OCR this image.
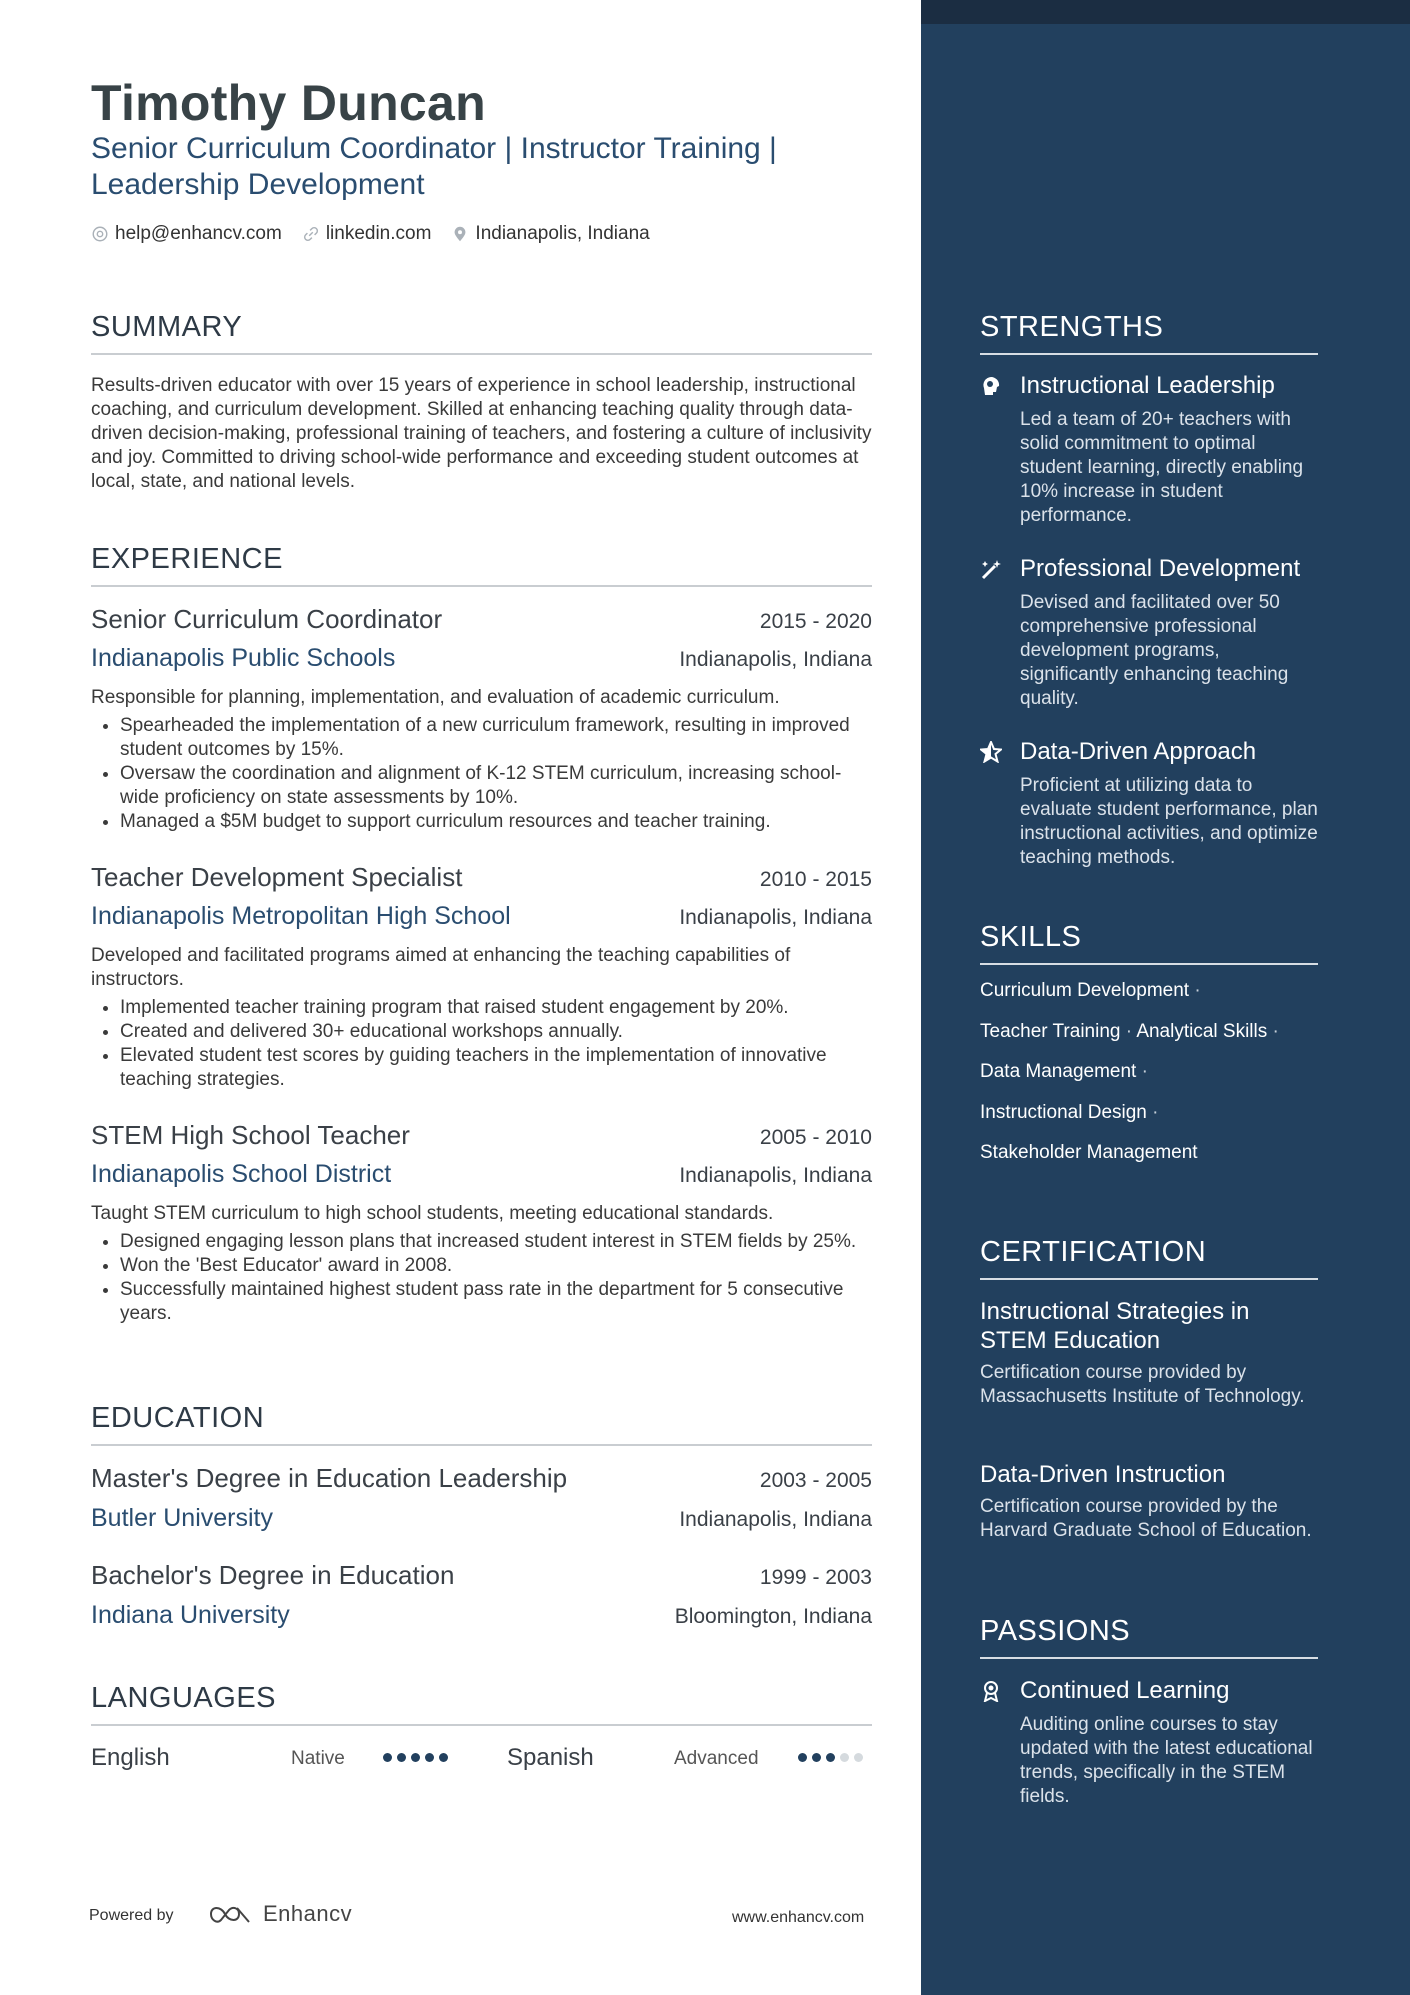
Timothy Duncan
Senior Curriculum Coordinator | Instructor Training | Leadership Development
help@enhancv.com linkedin.com Indianapolis, Indiana
SUMMARY
Results-driven educator with over 15 years of experience in school leadership, instructional coaching, and curriculum development. Skilled at enhancing teaching quality through data-driven decision-making, professional training of teachers, and fostering a culture of inclusivity and joy. Committed to driving school-wide performance and exceeding student outcomes at local, state, and national levels.
EXPERIENCE
Senior Curriculum Coordinator	2015 - 2020
Indianapolis Public Schools	Indianapolis, Indiana
Responsible for planning, implementation, and evaluation of academic curriculum.
• Spearheaded the implementation of a new curriculum framework, resulting in improved student outcomes by 15%.
• Oversaw the coordination and alignment of K-12 STEM curriculum, increasing school-wide proficiency on state assessments by 10%.
• Managed a $5M budget to support curriculum resources and teacher training.
Teacher Development Specialist	2010 - 2015
Indianapolis Metropolitan High School	Indianapolis, Indiana
Developed and facilitated programs aimed at enhancing the teaching capabilities of instructors.
• Implemented teacher training program that raised student engagement by 20%.
• Created and delivered 30+ educational workshops annually.
• Elevated student test scores by guiding teachers in the implementation of innovative teaching strategies.
STEM High School Teacher	2005 - 2010
Indianapolis School District	Indianapolis, Indiana
Taught STEM curriculum to high school students, meeting educational standards.
• Designed engaging lesson plans that increased student interest in STEM fields by 25%.
• Won the 'Best Educator' award in 2008.
• Successfully maintained highest student pass rate in the department for 5 consecutive years.
EDUCATION
Master's Degree in Education Leadership	2003 - 2005
Butler University	Indianapolis, Indiana
Bachelor's Degree in Education	1999 - 2003
Indiana University	Bloomington, Indiana
LANGUAGES
English	Native	Spanish	Advanced
Powered by	Enhancv	www.enhancv.com
STRENGTHS
Instructional Leadership
Led a team of 20+ teachers with solid commitment to optimal student learning, directly enabling 10% increase in student performance.
Professional Development
Devised and facilitated over 50 comprehensive professional development programs, significantly enhancing teaching quality.
Data-Driven Approach
Proficient at utilizing data to evaluate student performance, plan instructional activities, and optimize teaching methods.
SKILLS
Curriculum Development ·
Teacher Training · Analytical Skills ·
Data Management ·
Instructional Design ·
Stakeholder Management
CERTIFICATION
Instructional Strategies in STEM Education
Certification course provided by Massachusetts Institute of Technology.
Data-Driven Instruction
Certification course provided by the Harvard Graduate School of Education.
PASSIONS
Continued Learning
Auditing online courses to stay updated with the latest educational trends, specifically in the STEM fields.
